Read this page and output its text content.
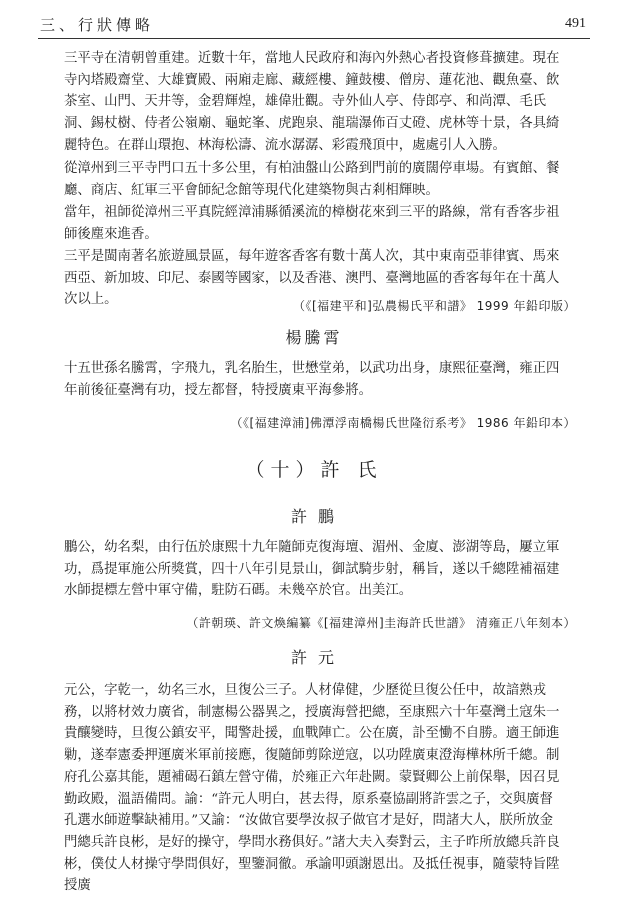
三、行狀傳略	491

三平寺在清朝曾重建。近數十年，當地人民政府和海內外熱心者投資修葺擴建。現在寺內塔殿齋堂、大雄寶殿、兩廂走廊、藏經樓、鐘鼓樓、僧房、蓮花池、觀魚臺、飲茶室、山門、天井等，金碧輝煌，雄偉壯觀。寺外仙人亭、侍郎亭、和尚潭、毛氏洞、錫杖樹、侍者公嶺廟、龜蛇峯、虎跑泉、龍瑞瀑佈百丈磴、虎林等十景，各具綺麗特色。在群山環抱、林海松濤、流水潺潺、彩霞飛頂中，處處引人入勝。

從漳州到三平寺門口五十多公里，有柏油盤山公路到門前的廣闊停車場。有賓館、餐廳、商店、紅軍三平會師紀念館等現代化建築物與古剎相輝映。

當年，祖師從漳州三平真院經漳浦縣循溪流的樟樹花來到三平的路線，常有香客步祖師後塵來進香。

三平是閩南著名旅遊風景區，每年遊客香客有數十萬人次，其中東南亞菲律賓、馬來西亞、新加坡、印尼、泰國等國家，以及香港、澳門、臺灣地區的香客每年在十萬人次以上。	（《[福建平和]弘農楊氏平和譜》 1999 年鉛印版）
楊騰霄

十五世孫名騰霄，字飛九，乳名胎生，世懋堂弟，以武功出身，康熙征臺灣，雍正四年前後征臺灣有功，授左都督，特授廣東平海參將。

（《[福建漳浦]佛潭浮南橋楊氏世隆衍系考》 1986 年鉛印本）
（十）許 氏
許 鵬

鵬公，幼名梨，由行伍於康熙十九年隨師克復海壇、湄州、金廈、澎湖等島，屢立軍功，爲提軍施公所獎賞，四十八年引見景山，御試騎步射，稱旨，遂以千總陞補福建水師提標左營中軍守備，駐防石碼。未幾卒於官。出美江。

（許朝瑛、許文煥編纂《[福建漳州]圭海許氏世譜》 清雍正八年刻本）
許 元

元公，字乾一，幼名三水，旦復公三子。人材偉健，少歷從旦復公任中，故諳熟戎務，以將材效力廣省，制憲楊公器異之，授廣海營把總，至康熙六十年臺灣土寇朱一貴釀變時，旦復公鎮安平，聞警赴援，血戰陣亡。公在廣，訃至慟不自勝。適王師進勦，遂奉憲委押運廣米軍前接應，復隨師剪除逆寇，以功陞廣東澄海樺林所千總。制府孔公嘉其能，題補碣石鎮左營守備，於雍正六年赴闕。蒙賢卿公上前保舉，因召見勤政殿，溫語備問。諭：“許元人明白，甚去得，原系臺協副將許雲之子，交與廣督孔選水師遊擊缺補用。”又諭：“汝做官要學汝叔子做官才是好，問諸大人，朕所放金門總兵許良彬，是好的操守，學問水務俱好。”諸大夫入奏對云，主子昨所放總兵許良彬，僕仗人材操守學問俱好，聖鑒洞徹。承諭叩頭謝恩出。及抵任視事，隨蒙特旨陞授廣
